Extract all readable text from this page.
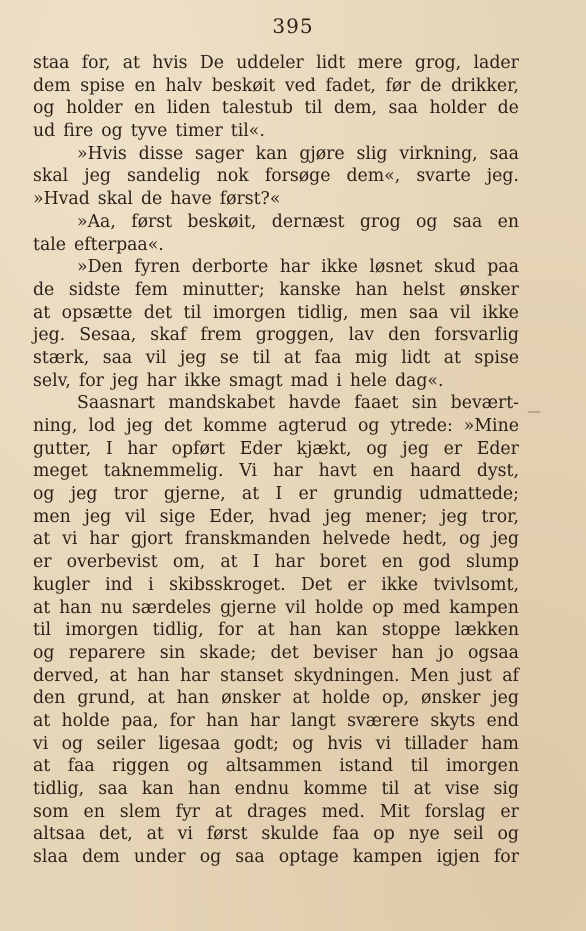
395
staa for, at hvis De uddeler lidt mere grog, lader
dem spise en halv beskøit ved fadet, før de drikker,
og holder en liden talestub til dem, saa holder de
ud fire og tyve timer til«.
»Hvis disse sager kan gjøre slig virkning, saa
skal jeg sandelig nok forsøge dem«, svarte jeg.
»Hvad skal de have først?«
»Aa, først beskøit, dernæst grog og saa en
tale efterpaa«.
»Den fyren derborte har ikke løsnet skud paa
de sidste fem minutter; kanske han helst ønsker
at opsætte det til imorgen tidlig, men saa vil ikke
jeg. Sesaa, skaf frem groggen, lav den forsvarlig
stærk, saa vil jeg se til at faa mig lidt at spise
selv, for jeg har ikke smagt mad i hele dag«.
Saasnart mandskabet havde faaet sin bevært-
ning, lod jeg det komme agterud og ytrede: »Mine
gutter, I har opført Eder kjækt, og jeg er Eder
meget taknemmelig. Vi har havt en haard dyst,
og jeg tror gjerne, at I er grundig udmattede;
men jeg vil sige Eder, hvad jeg mener; jeg tror,
at vi har gjort franskmanden helvede hedt, og jeg
er overbevist om, at I har boret en god slump
kugler ind i skibsskroget. Det er ikke tvivlsomt,
at han nu særdeles gjerne vil holde op med kampen
til imorgen tidlig, for at han kan stoppe lækken
og reparere sin skade; det beviser han jo ogsaa
derved, at han har stanset skydningen. Men just af
den grund, at han ønsker at holde op, ønsker jeg
at holde paa, for han har langt sværere skyts end
vi og seiler ligesaa godt; og hvis vi tillader ham
at faa riggen og altsammen istand til imorgen
tidlig, saa kan han endnu komme til at vise sig
som en slem fyr at drages med. Mit forslag er
altsaa det, at vi først skulde faa op nye seil og
slaa dem under og saa optage kampen igjen for
—
